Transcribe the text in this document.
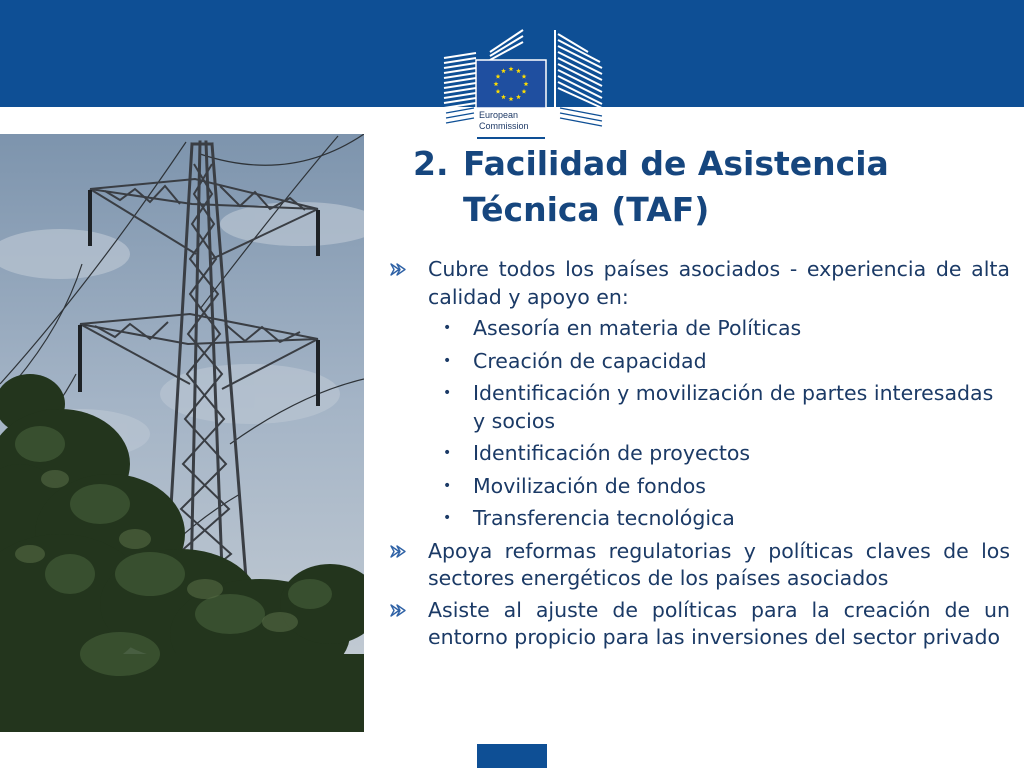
European
Commission
2. Facilidad de Asistencia
Técnica (TAF)
Cubre todos los países asociados - experiencia de alta calidad y apoyo en:
• Asesoría en materia de Políticas
• Creación de capacidad
• Identificación y movilización de partes interesadas y socios
• Identificación de proyectos
• Movilización de fondos
• Transferencia tecnológica
Apoya reformas regulatorias y políticas claves de los sectores energéticos de los países asociados
Asiste al ajuste de políticas para la creación de un entorno propicio para las inversiones del sector privado
